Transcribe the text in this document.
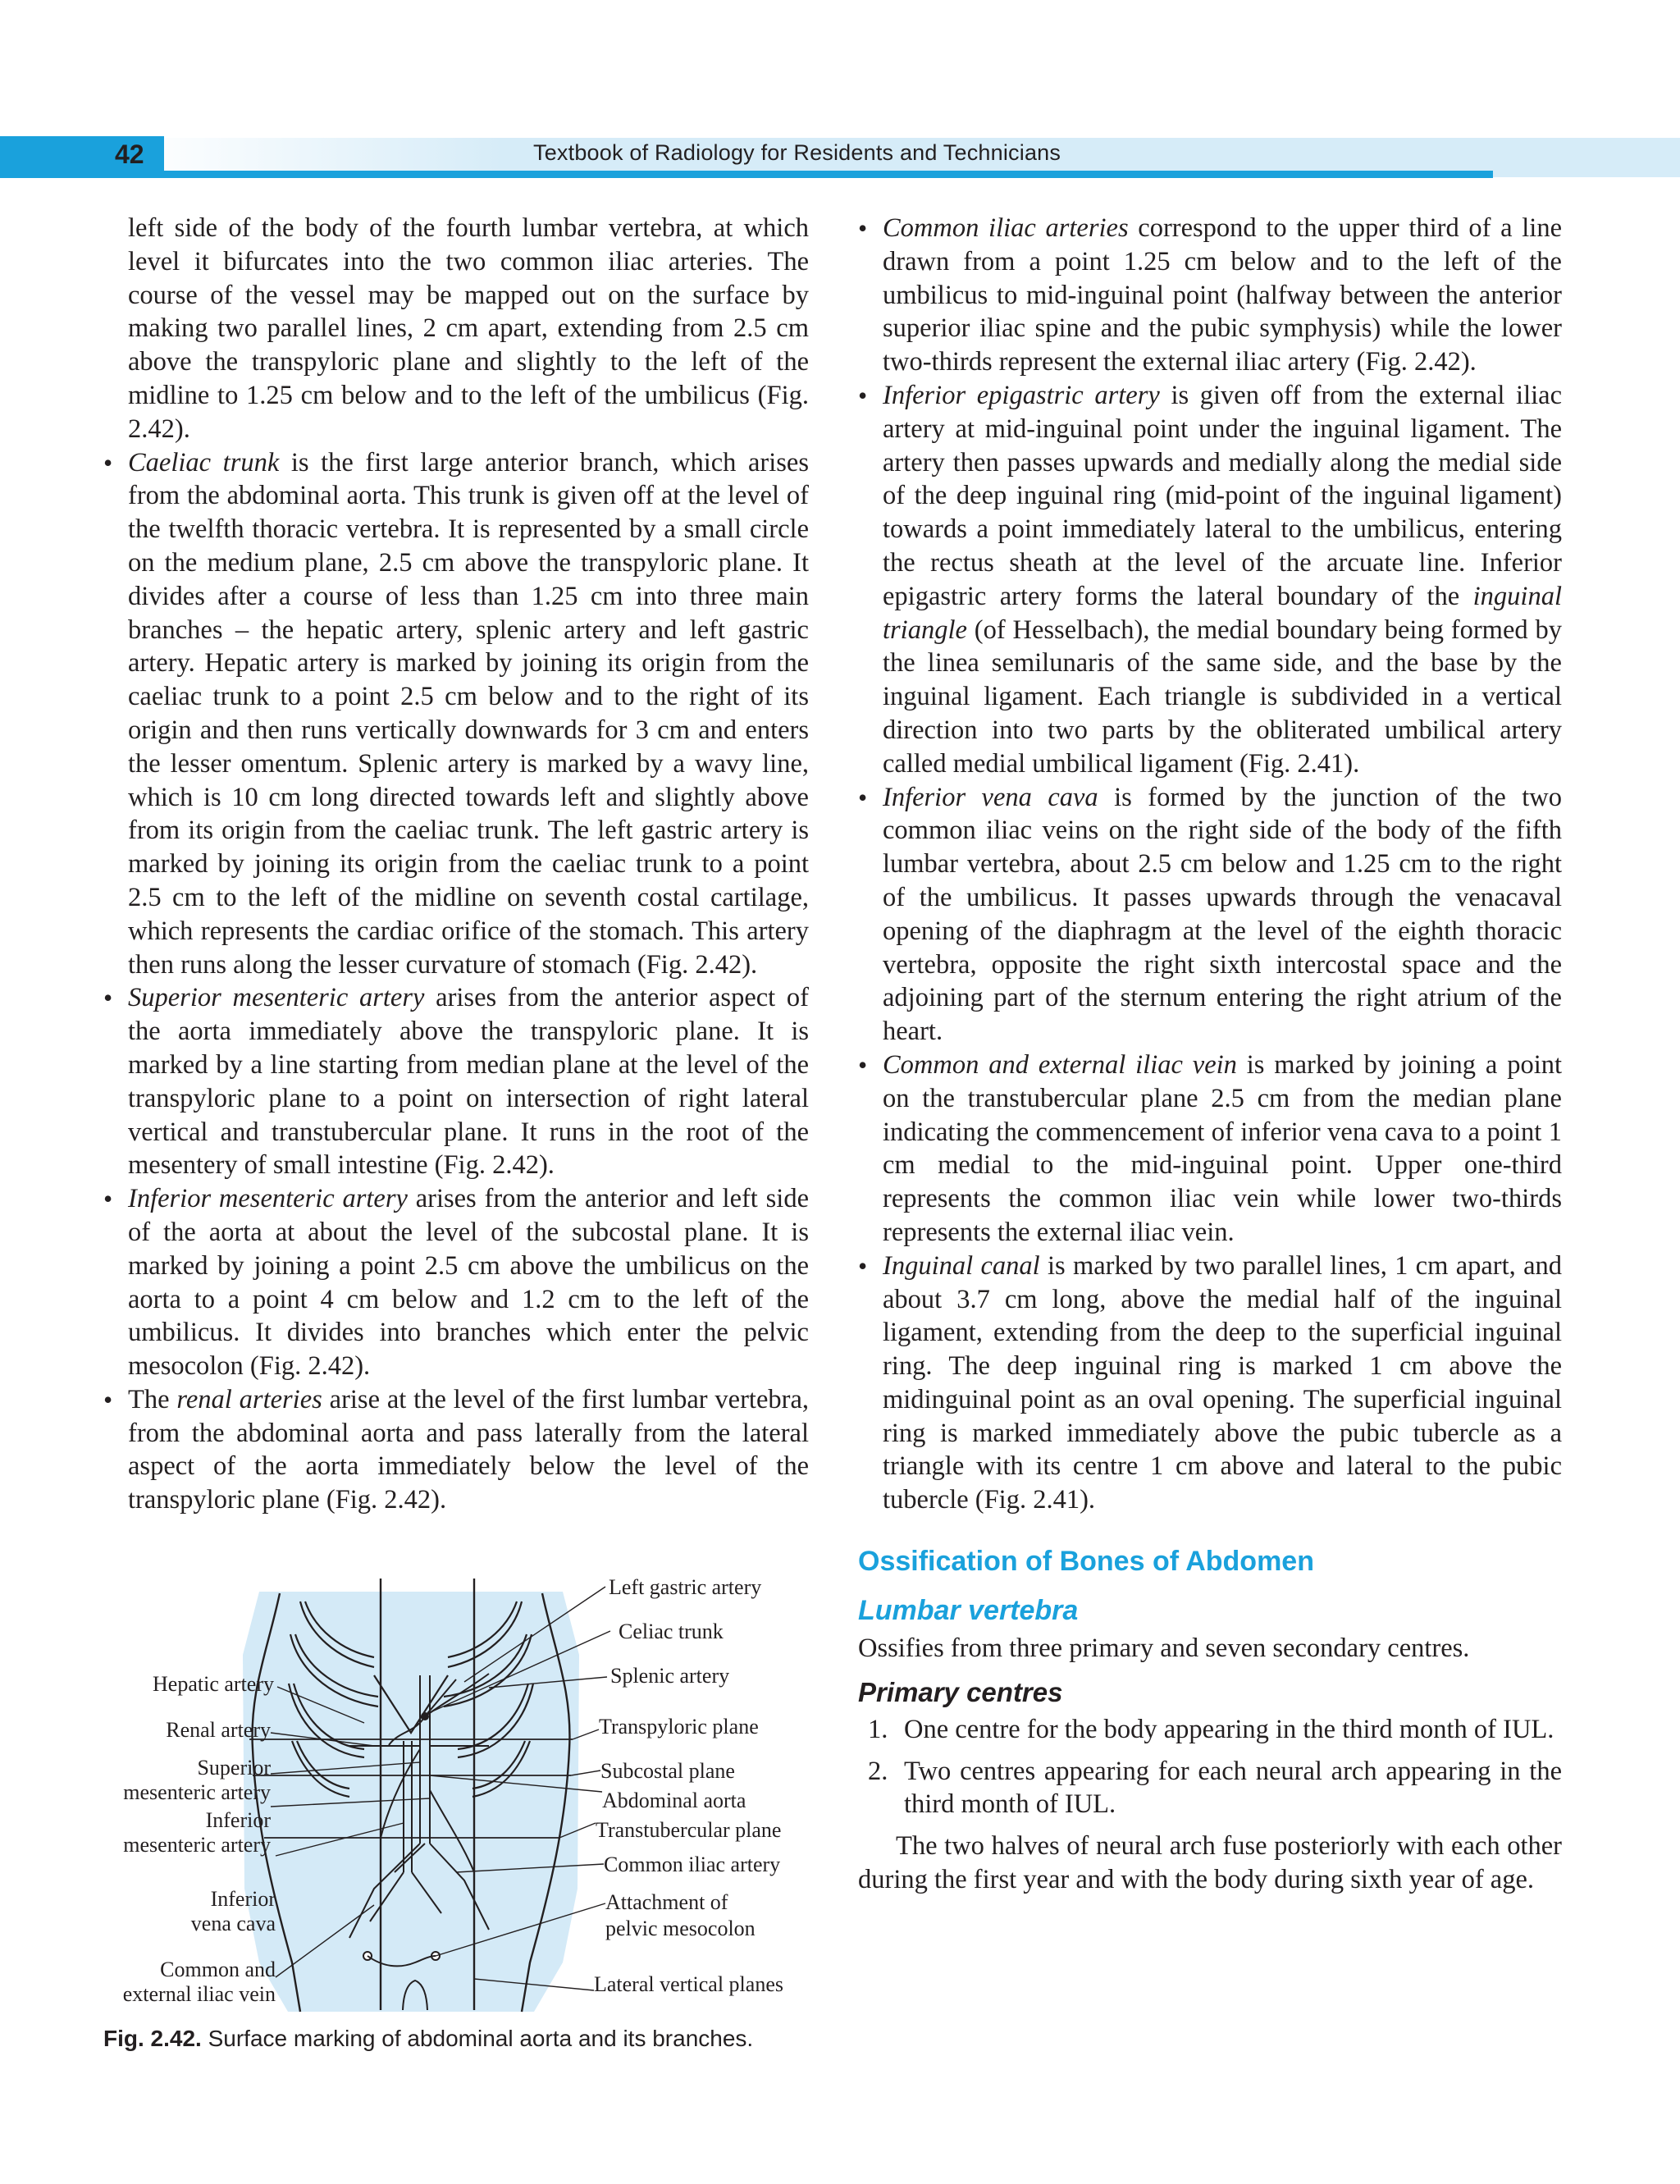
42	Textbook of Radiology for Residents and Technicians

left side of the body of the fourth lumbar vertebra, at which level it bifurcates into the two common iliac arteries. The course of the vessel may be mapped out on the surface by making two parallel lines, 2 cm apart, extending from 2.5 cm above the transpyloric plane and slightly to the left of the midline to 1.25 cm below and to the left of the umbilicus (Fig. 2.42).

• Caeliac trunk is the first large anterior branch, which arises from the abdominal aorta. This trunk is given off at the level of the twelfth thoracic vertebra. It is represented by a small circle on the medium plane, 2.5 cm above the transpyloric plane. It divides after a course of less than 1.25 cm into three main branches – the hepatic artery, splenic artery and left gastric artery. Hepatic artery is marked by joining its origin from the caeliac trunk to a point 2.5 cm below and to the right of its origin and then runs vertically downwards for 3 cm and enters the lesser omentum. Splenic artery is marked by a wavy line, which is 10 cm long directed towards left and slightly above from its origin from the caeliac trunk. The left gastric artery is marked by joining its origin from the caeliac trunk to a point 2.5 cm to the left of the midline on seventh costal cartilage, which represents the cardiac orifice of the stomach. This artery then runs along the lesser curvature of stomach (Fig. 2.42).

• Superior mesenteric artery arises from the anterior aspect of the aorta immediately above the transpyloric plane. It is marked by a line starting from median plane at the level of the transpyloric plane to a point on intersection of right lateral vertical and transtubercular plane. It runs in the root of the mesentery of small intestine (Fig. 2.42).

• Inferior mesenteric artery arises from the anterior and left side of the aorta at about the level of the subcostal plane. It is marked by joining a point 2.5 cm above the umbilicus on the aorta to a point 4 cm below and 1.2 cm to the left of the umbilicus. It divides into branches which enter the pelvic mesocolon (Fig. 2.42).

• The renal arteries arise at the level of the first lumbar vertebra, from the abdominal aorta and pass laterally from the lateral aspect of the aorta immediately below the level of the transpyloric plane (Fig. 2.42).

Hepatic artery
Renal artery
Superior
mesenteric artery
Inferior
mesenteric artery
Inferior
vena cava
Common and
external iliac vein
Left gastric artery
Celiac trunk
Splenic artery
Transpyloric plane
Subcostal plane
Abdominal aorta
Transtubercular plane
Common iliac artery
Attachment of
pelvic mesocolon
Lateral vertical planes
Fig. 2.42. Surface marking of abdominal aorta and its branches.

• Common iliac arteries correspond to the upper third of a line drawn from a point 1.25 cm below and to the left of the umbilicus to mid-inguinal point (halfway between the anterior superior iliac spine and the pubic symphysis) while the lower two-thirds represent the external iliac artery (Fig. 2.42).

• Inferior epigastric artery is given off from the external iliac artery at mid-inguinal point under the inguinal ligament. The artery then passes upwards and medially along the medial side of the deep inguinal ring (mid-point of the inguinal ligament) towards a point immediately lateral to the umbilicus, entering the rectus sheath at the level of the arcuate line. Inferior epigastric artery forms the lateral boundary of the inguinal triangle (of Hesselbach), the medial boundary being formed by the linea semilunaris of the same side, and the base by the inguinal ligament. Each triangle is subdivided in a vertical direction into two parts by the obliterated umbilical artery called medial umbilical ligament (Fig. 2.41).

• Inferior vena cava is formed by the junction of the two common iliac veins on the right side of the body of the fifth lumbar vertebra, about 2.5 cm below and 1.25 cm to the right of the umbilicus. It passes upwards through the venacaval opening of the diaphragm at the level of the eighth thoracic vertebra, opposite the right sixth intercostal space and the adjoining part of the sternum entering the right atrium of the heart.

• Common and external iliac vein is marked by joining a point on the transtubercular plane 2.5 cm from the median plane indicating the commencement of inferior vena cava to a point 1 cm medial to the mid-inguinal point. Upper one-third represents the common iliac vein while lower two-thirds represents the external iliac vein.

• Inguinal canal is marked by two parallel lines, 1 cm apart, and about 3.7 cm long, above the medial half of the inguinal ligament, extending from the deep to the superficial inguinal ring. The deep inguinal ring is marked 1 cm above the midinguinal point as an oval opening. The superficial inguinal ring is marked immediately above the pubic tubercle as a triangle with its centre 1 cm above and lateral to the pubic tubercle (Fig. 2.41).

Ossification of Bones of Abdomen
Lumbar vertebra

Ossifies from three primary and seven secondary centres.

Primary centres

1. One centre for the body appearing in the third month of IUL.

2. Two centres appearing for each neural arch appearing in the third month of IUL.

The two halves of neural arch fuse posteriorly with each other during the first year and with the body during sixth year of age.
